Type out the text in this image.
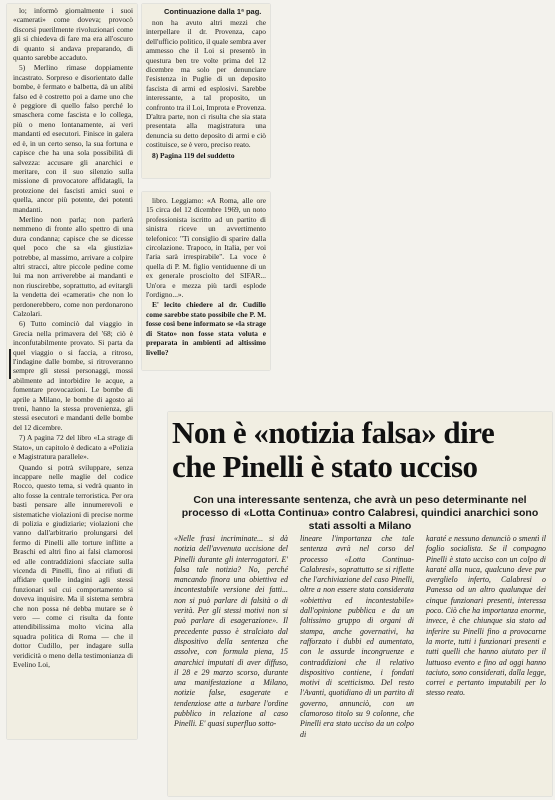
lo; informò giornalmente i suoi «camerati» come doveva; provocò discorsi puerilmente rivoluzionari come gli si chiedeva di fare ma era all'oscuro di quanto si andava preparando, di quanto sarebbe accaduto.

5) Merlino rimase doppiamente incastrato. Sorpreso e disorientato dalle bombe, è fermato e balbetta, dà un alibi falso ed è costretto poi a darne uno che è peggiore di quello falso perché lo smaschera come fascista e lo collega, più o meno lontanamente, ai veri mandanti ed esecutori. Finisce in galera ed è, in un certo senso, la sua fortuna e capisce che ha una sola possibilità di salvezza: accusare gli anarchici e meritare, con il suo silenzio sulla missione di provocatore affidatagli, la protezione dei fascisti amici suoi e quella, ancor più potente, dei potenti mandanti.

Merlino non parla; non parlerà nemmeno di fronte allo spettro di una dura condanna; capisce che se dicesse quel poco che sa «la giustizia» potrebbe, al massimo, arrivare a colpire altri stracci, altre piccole pedine come lui ma non arriverebbe ai mandanti e non riuscirebbe, soprattutto, ad evitargli la vendetta dei «camerati» che non lo perdonerebbero, come non perdonarono Calzolari.

6) Tutto cominciò dal viaggio in Grecia nella primavera del '68; ciò è inconfutabilmente provato. Si parta da quel viaggio o si faccia, a ritroso, l'indagine dalle bombe, si ritroveranno sempre gli stessi personaggi, mossi abilmente ad intorbidire le acque, a fomentare provocazioni. Le bombe di aprile a Milano, le bombe di agosto ai treni, hanno la stessa provenienza, gli stessi esecutori e mandanti delle bombe del 12 dicembre.

7) A pagina 72 del libro «La strage di Stato», un capitolo è dedicato a «Polizia e Magistratura parallele».

Quando si potrà sviluppare, senza incappare nelle maglie del codice Rocco, questo tema, si vedrà quanto in alto fosse la centrale terroristica. Per ora basti pensare alle innumerevoli e sistematiche violazioni di precise norme di polizia e giudiziarie; violazioni che vanno dall'arbitrario prolungarsi del fermo di Pinelli alle torture inflitte a Braschi ed altri fino ai falsi clamorosi ed alle contraddizioni sfacciate sulla vicenda di Pinelli, fino ai rifiuti di affidare quelle indagini agli stessi funzionari sul cui comportamento si doveva inquisire. Ma il sistema sembra che non possa né debba mutare se è vero — come ci risulta da fonte attendibilissima molto vicina alla squadra politica di Roma — che il dottor Cudillo, per indagare sulla veridicità o meno della testimonianza di Evelino Loi,

Continuazione dalla 1ª pag.

non ha avuto altri mezzi che interpellare il dr. Provenza, capo dell'ufficio politico, il quale sembra aver ammesso che il Loi si presentò in questura ben tre volte prima del 12 dicembre ma solo per denunciare l'esistenza in Puglie di un deposito fascista di armi ed esplosivi. Sarebbe interessante, a tal proposito, un confronto tra il Loi, Improta e Provenza. D'altra parte, non ci risulta che sia stata presentata alla magistratura una denuncia su detto deposito di armi e ciò costituisce, se è vero, preciso reato.

8) Pagina 119 del suddetto

libro. Leggiamo: «A Roma, alle ore 15 circa del 12 dicembre 1969, un noto professionista iscritto ad un partito di sinistra riceve un avvertimento telefonico: "Ti consiglio di sparire dalla circolazione. Trapoco, in Italia, per voi l'aria sarà irrespirabile". La voce è quella di P. M. figlio ventiduenne di un ex generale prosciolto del SIFAR... Un'ora e mezza più tardi esplode l'ordigno...».

E' lecito chiedere al dr. Cudillo come sarebbe stato possibile che P. M. fosse così bene informato se «la strage di Stato» non fosse stata voluta e preparata in ambienti ad altissimo livello?

Non è «notizia falsa» dire
che Pinelli è stato ucciso
Con una interessante sentenza, che avrà un peso determinante nel processo di «Lotta Continua» contro Calabresi, quindici anarchici sono stati assolti a Milano
«Nelle frasi incriminate... si dà notizia dell'avvenuta uccisione del Pinelli durante gli interrogatori. E' falsa tale notizia? No, perché mancando finora una obiettiva ed incontestabile versione dei fatti... non si può parlare di falsità o di verità. Per gli stessi motivi non si può parlare di esagerazione». Il precedente passo è stralciato dal dispositivo della sentenza che assolve, con formula piena, 15 anarchici imputati di aver diffuso, il 28 e 29 marzo scorso, durante una manifestazione a Milano, notizie false, esagerate e tendenziose atte a turbare l'ordine pubblico in relazione al caso Pinelli. E' quasi superfluo sotto-
lineare l'importanza che tale sentenza avrà nel corso del processo «Lotta Continua-Calabresi», soprattutto se si riflette che l'archiviazione del caso Pinelli, oltre a non essere stata considerata «obiettiva ed incontestabile» dall'opinione pubblica e da un foltissimo gruppo di organi di stampa, anche governativi, ha rafforzato i dubbi ed aumentato, con le assurde incongruenze e contraddizioni che il relativo dispositivo contiene, i fondati motivi di scetticismo. Del resto l'Avanti, quotidiano di un partito di governo, annunciò, con un clamoroso titolo su 9 colonne, che Pinelli era stato ucciso da un colpo di
karaté e nessuno denunciò o smentì il foglio socialista. Se il compagno Pinelli è stato ucciso con un colpo di karaté alla nuca, qualcuno deve pur averglielo inferto, Calabresi o Panessa od un altro qualunque dei cinque funzionari presenti, interessa poco. Ciò che ha importanza enorme, invece, è che chiunque sia stato ad inferire su Pinelli fino a provocarne la morte, tutti i funzionari presenti e tutti quelli che hanno aiutato per il luttuoso evento e fino ad oggi hanno taciuto, sono considerati, dalla legge, correi e pertanto imputabili per lo stesso reato.
